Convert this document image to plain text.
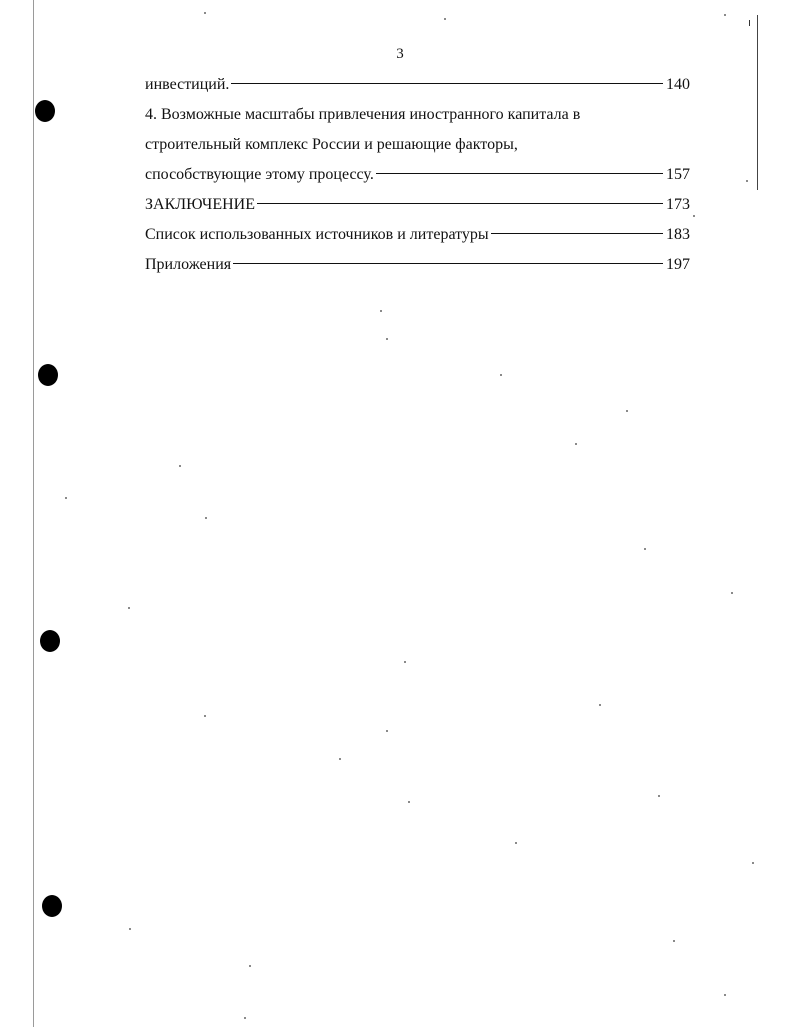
3
инвестиций.	140
4. Возможные масштабы привлечения иностранного капитала в
строительный комплекс России и решающие факторы,
способствующие этому процессу.	157
ЗАКЛЮЧЕНИЕ	173
Список использованных источников и литературы	183
Приложения	197
